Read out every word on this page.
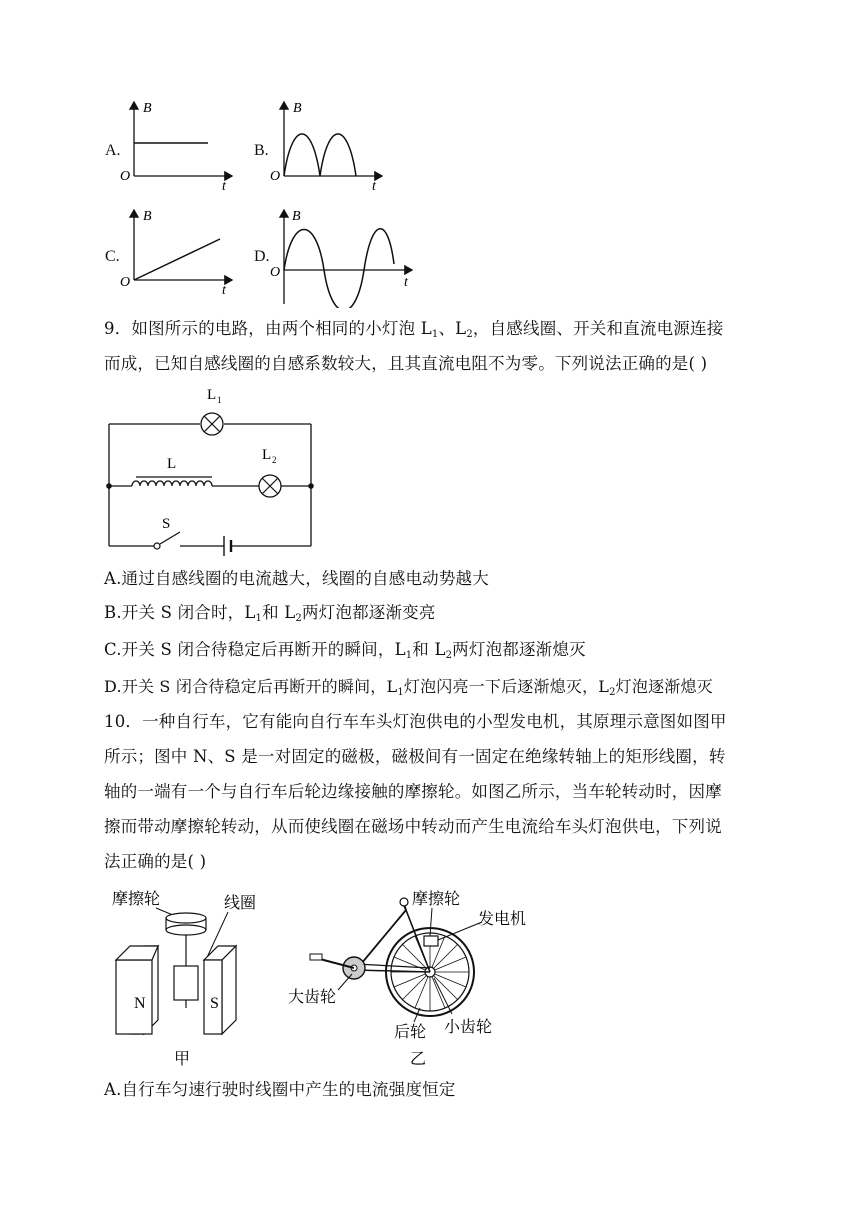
A.
B
O
t
B.
B
O
t
C.
B
O
t
D.
B
O
t
9．如图所示的电路，由两个相同的小灯泡 $L_1$、$L_2$，自感线圈、开关和直流电源连接
而成，已知自感线圈的自感系数较大，且其直流电阻不为零。下列说法正确的是( )
L 1
L
L 2
S
A.通过自感线圈的电流越大，线圈的自感电动势越大
B.开关 S 闭合时，$L_1$和 $L_2$两灯泡都逐渐变亮
C.开关 S 闭合待稳定后再断开的瞬间，$L_1$和 $L_2$两灯泡都逐渐熄灭
D.开关 S 闭合待稳定后再断开的瞬间，$L_1$灯泡闪亮一下后逐渐熄灭，$L_2$灯泡逐渐熄灭
10．一种自行车，它有能向自行车车头灯泡供电的小型发电机，其原理示意图如图甲
所示；图中 N、S 是一对固定的磁极，磁极间有一固定在绝缘转轴上的矩形线圈，转
轴的一端有一个与自行车后轮边缘接触的摩擦轮。如图乙所示，当车轮转动时，因摩
擦而带动摩擦轮转动，从而使线圈在磁场中转动而产生电流给车头灯泡供电，下列说
法正确的是( )
摩擦轮	线圈
N	S
甲
摩擦轮
发电机
大齿轮
后轮 小齿轮
乙
A.自行车匀速行驶时线圈中产生的电流强度恒定
